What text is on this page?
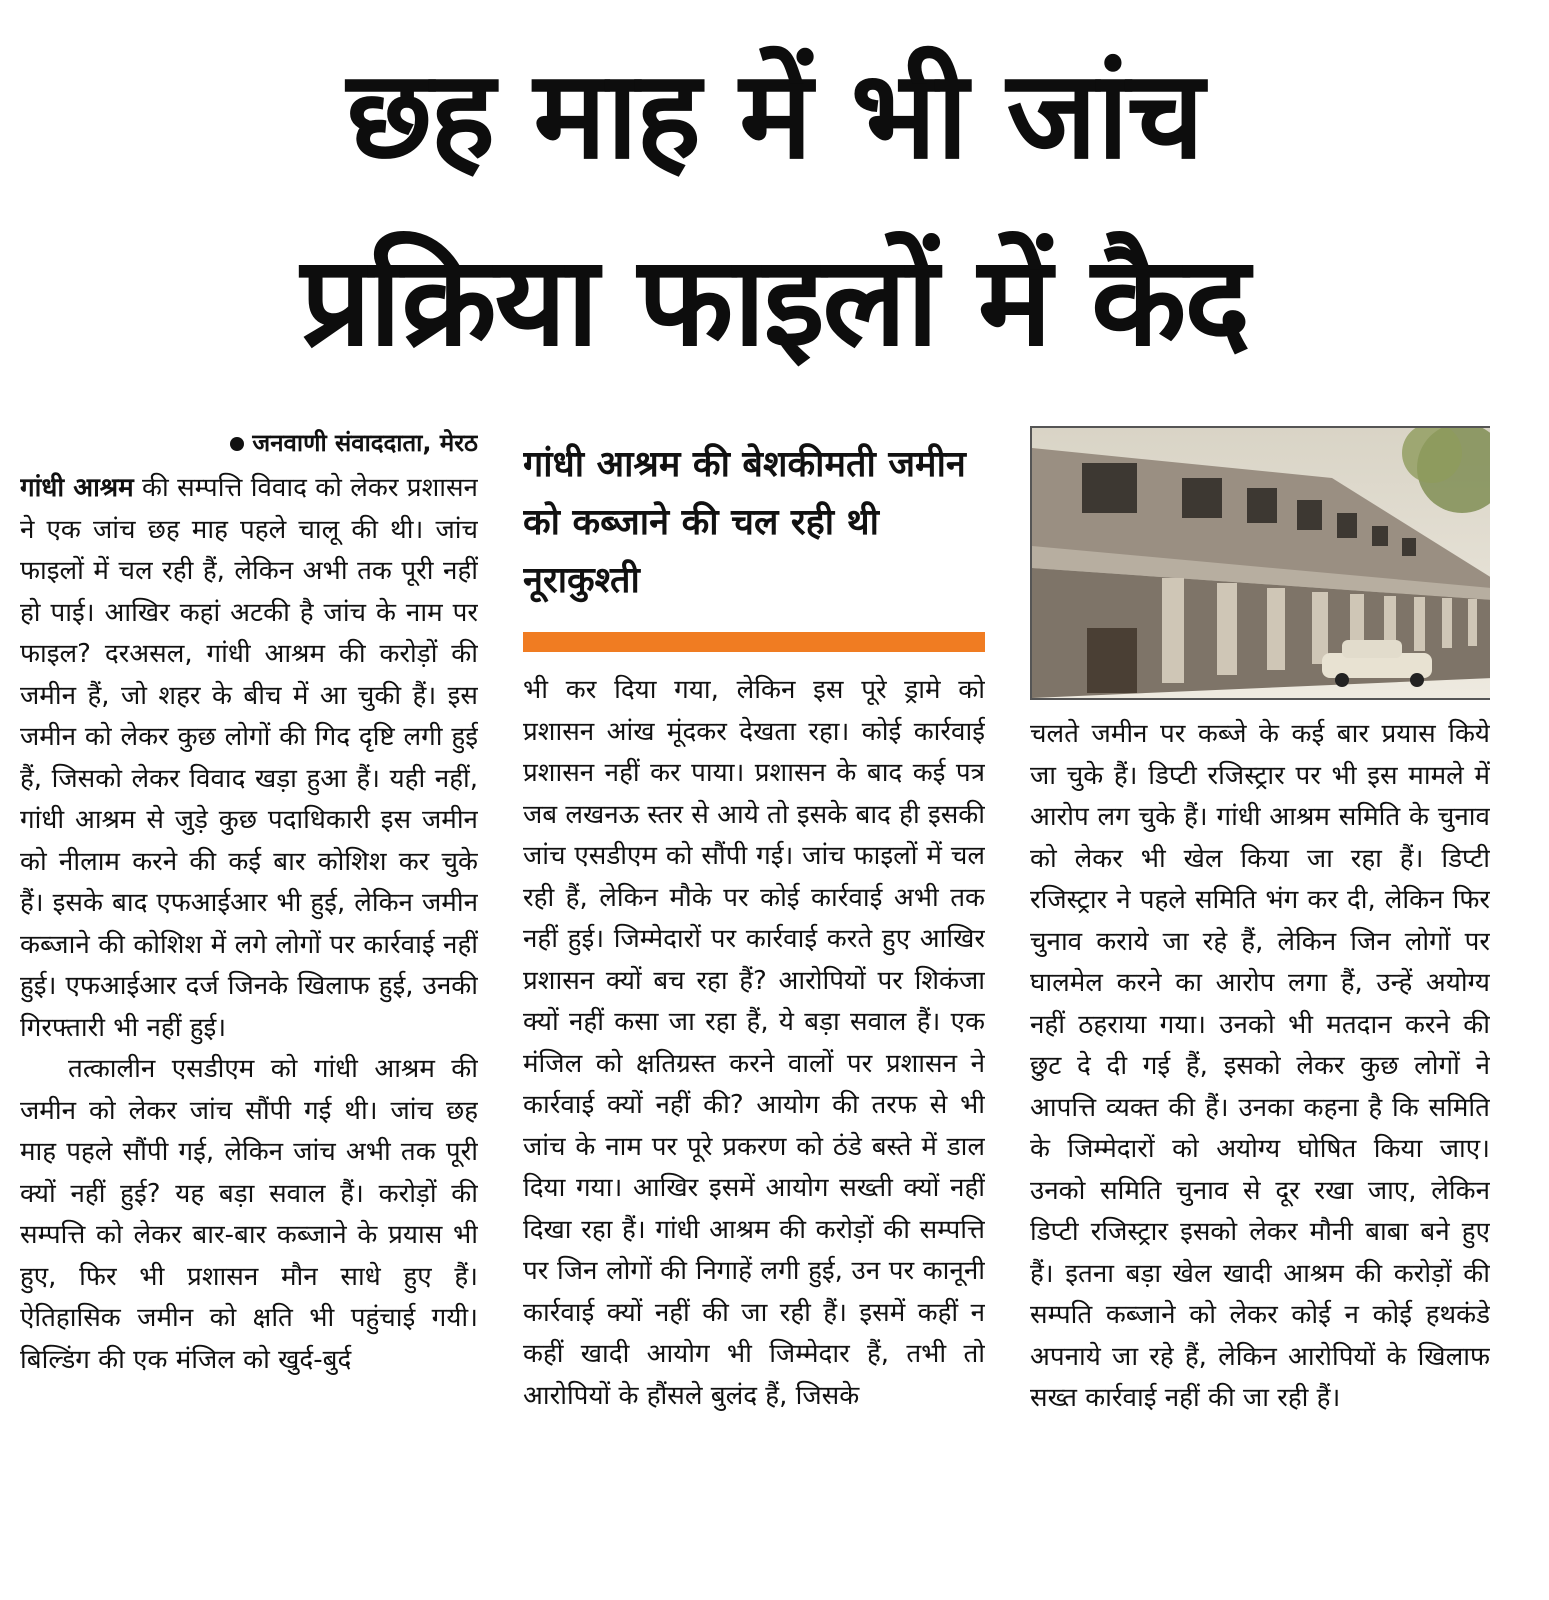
छह माह में भी जांच
प्रक्रिया फाइलों में कैद
जनवाणी संवाददाता, मेरठ

गांधी आश्रम की सम्पत्ति विवाद को लेकर प्रशासन ने एक जांच छह माह पहले चालू की थी। जांच फाइलों में चल रही हैं, लेकिन अभी तक पूरी नहीं हो पाई। आखिर कहां अटकी है जांच के नाम पर फाइल? दरअसल, गांधी आश्रम की करोड़ों की जमीन हैं, जो शहर के बीच में आ चुकी हैं। इस जमीन को लेकर कुछ लोगों की गिद दृष्टि लगी हुई हैं, जिसको लेकर विवाद खड़ा हुआ हैं। यही नहीं, गांधी आश्रम से जुड़े कुछ पदाधिकारी इस जमीन को नीलाम करने की कई बार कोशिश कर चुके हैं। इसके बाद एफआईआर भी हुई, लेकिन जमीन कब्जाने की कोशिश में लगे लोगों पर कार्रवाई नहीं हुई। एफआईआर दर्ज जिनके खिलाफ हुई, उनकी गिरफ्तारी भी नहीं हुई।

तत्कालीन एसडीएम को गांधी आश्रम की जमीन को लेकर जांच सौंपी गई थी। जांच छह माह पहले सौंपी गई, लेकिन जांच अभी तक पूरी क्यों नहीं हुई? यह बड़ा सवाल हैं। करोड़ों की सम्पत्ति को लेकर बार-बार कब्जाने के प्रयास भी हुए, फिर भी प्रशासन मौन साधे हुए हैं। ऐतिहासिक जमीन को क्षति भी पहुंचाई गयी। बिल्डिंग की एक मंजिल को खुर्द-बुर्द

गांधी आश्रम की बेशकीमती जमीन को कब्जाने की चल रही थी नूराकुश्ती

भी कर दिया गया, लेकिन इस पूरे ड्रामे को प्रशासन आंख मूंदकर देखता रहा। कोई कार्रवाई प्रशासन नहीं कर पाया। प्रशासन के बाद कई पत्र जब लखनऊ स्तर से आये तो इसके बाद ही इसकी जांच एसडीएम को सौंपी गई। जांच फाइलों में चल रही हैं, लेकिन मौके पर कोई कार्रवाई अभी तक नहीं हुई। जिम्मेदारों पर कार्रवाई करते हुए आखिर प्रशासन क्यों बच रहा हैं? आरोपियों पर शिकंजा क्यों नहीं कसा जा रहा हैं, ये बड़ा सवाल हैं। एक मंजिल को क्षतिग्रस्त करने वालों पर प्रशासन ने कार्रवाई क्यों नहीं की? आयोग की तरफ से भी जांच के नाम पर पूरे प्रकरण को ठंडे बस्ते में डाल दिया गया। आखिर इसमें आयोग सख्ती क्यों नहीं दिखा रहा हैं। गांधी आश्रम की करोड़ों की सम्पत्ति पर जिन लोगों की निगाहें लगी हुई, उन पर कानूनी कार्रवाई क्यों नहीं की जा रही हैं। इसमें कहीं न कहीं खादी आयोग भी जिम्मेदार हैं, तभी तो आरोपियों के हौंसले बुलंद हैं, जिसके

चलते जमीन पर कब्जे के कई बार प्रयास किये जा चुके हैं। डिप्टी रजिस्ट्रार पर भी इस मामले में आरोप लग चुके हैं। गांधी आश्रम समिति के चुनाव को लेकर भी खेल किया जा रहा हैं। डिप्टी रजिस्ट्रार ने पहले समिति भंग कर दी, लेकिन फिर चुनाव कराये जा रहे हैं, लेकिन जिन लोगों पर घालमेल करने का आरोप लगा हैं, उन्हें अयोग्य नहीं ठहराया गया। उनको भी मतदान करने की छुट दे दी गई हैं, इसको लेकर कुछ लोगों ने आपत्ति व्यक्त की हैं। उनका कहना है कि समिति के जिम्मेदारों को अयोग्य घोषित किया जाए। उनको समिति चुनाव से दूर रखा जाए, लेकिन डिप्टी रजिस्ट्रार इसको लेकर मौनी बाबा बने हुए हैं। इतना बड़ा खेल खादी आश्रम की करोड़ों की सम्पति कब्जाने को लेकर कोई न कोई हथकंडे अपनाये जा रहे हैं, लेकिन आरोपियों के खिलाफ सख्त कार्रवाई नहीं की जा रही हैं।
